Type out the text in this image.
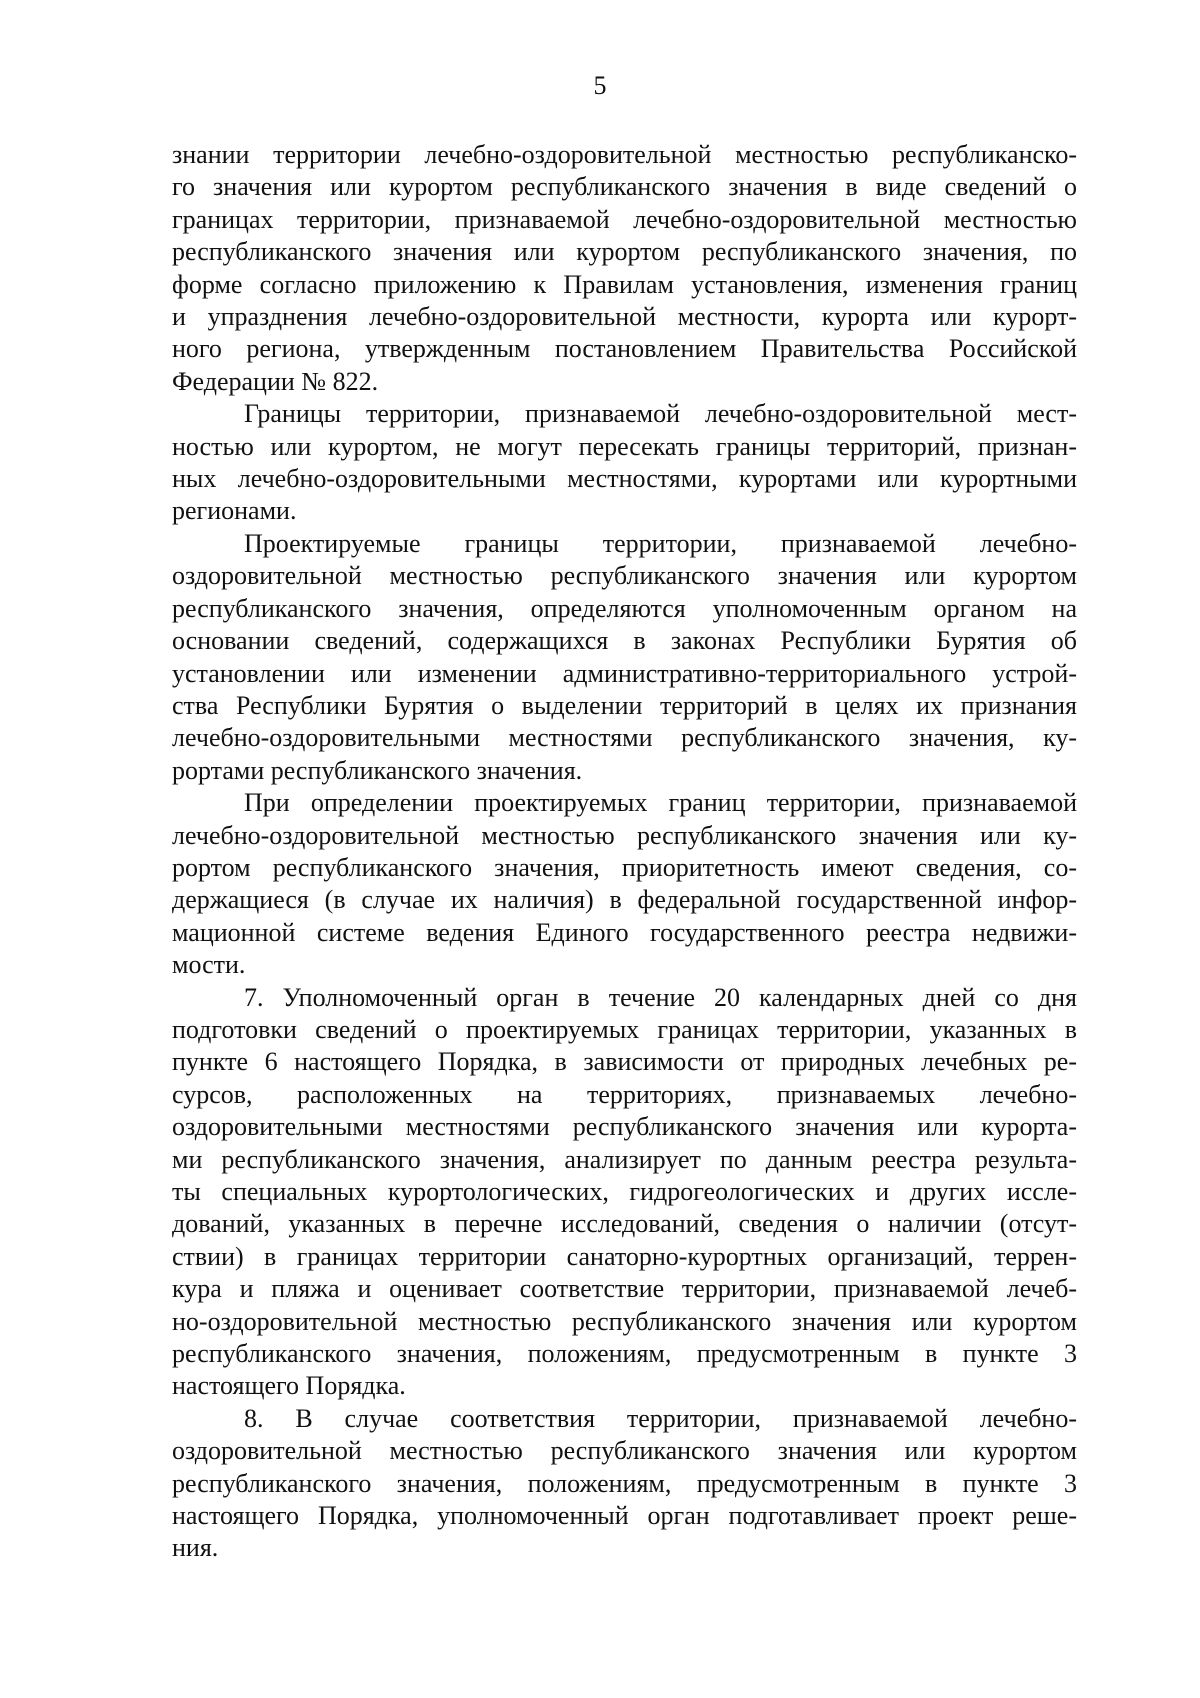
5
знании территории лечебно-оздоровительной местностью республиканско-
го значения или курортом республиканского значения в виде сведений о
границах территории, признаваемой лечебно-оздоровительной местностью
республиканского значения или курортом республиканского значения, по
форме согласно приложению к Правилам установления, изменения границ
и упразднения лечебно-оздоровительной местности, курорта или курорт-
ного региона, утвержденным постановлением Правительства Российской
Федерации № 822.
Границы территории, признаваемой лечебно-оздоровительной мест-
ностью или курортом, не могут пересекать границы территорий, признан-
ных лечебно-оздоровительными местностями, курортами или курортными
регионами.
Проектируемые границы территории, признаваемой лечебно-
оздоровительной местностью республиканского значения или курортом
республиканского значения, определяются уполномоченным органом на
основании сведений, содержащихся в законах Республики Бурятия об
установлении или изменении административно-территориального устрой-
ства Республики Бурятия о выделении территорий в целях их признания
лечебно-оздоровительными местностями республиканского значения, ку-
рортами республиканского значения.
При определении проектируемых границ территории, признаваемой
лечебно-оздоровительной местностью республиканского значения или ку-
рортом республиканского значения, приоритетность имеют сведения, со-
держащиеся (в случае их наличия) в федеральной государственной инфор-
мационной системе ведения Единого государственного реестра недвижи-
мости.
7. Уполномоченный орган в течение 20 календарных дней со дня
подготовки сведений о проектируемых границах территории, указанных в
пункте 6 настоящего Порядка, в зависимости от природных лечебных ре-
сурсов, расположенных на территориях, признаваемых лечебно-
оздоровительными местностями республиканского значения или курорта-
ми республиканского значения, анализирует по данным реестра результа-
ты специальных курортологических, гидрогеологических и других иссле-
дований, указанных в перечне исследований, сведения о наличии (отсут-
ствии) в границах территории санаторно-курортных организаций, террен-
кура и пляжа и оценивает соответствие территории, признаваемой лечеб-
но-оздоровительной местностью республиканского значения или курортом
республиканского значения, положениям, предусмотренным в пункте 3
настоящего Порядка.
8. В случае соответствия территории, признаваемой лечебно-
оздоровительной местностью республиканского значения или курортом
республиканского значения, положениям, предусмотренным в пункте 3
настоящего Порядка, уполномоченный орган подготавливает проект реше-
ния.
